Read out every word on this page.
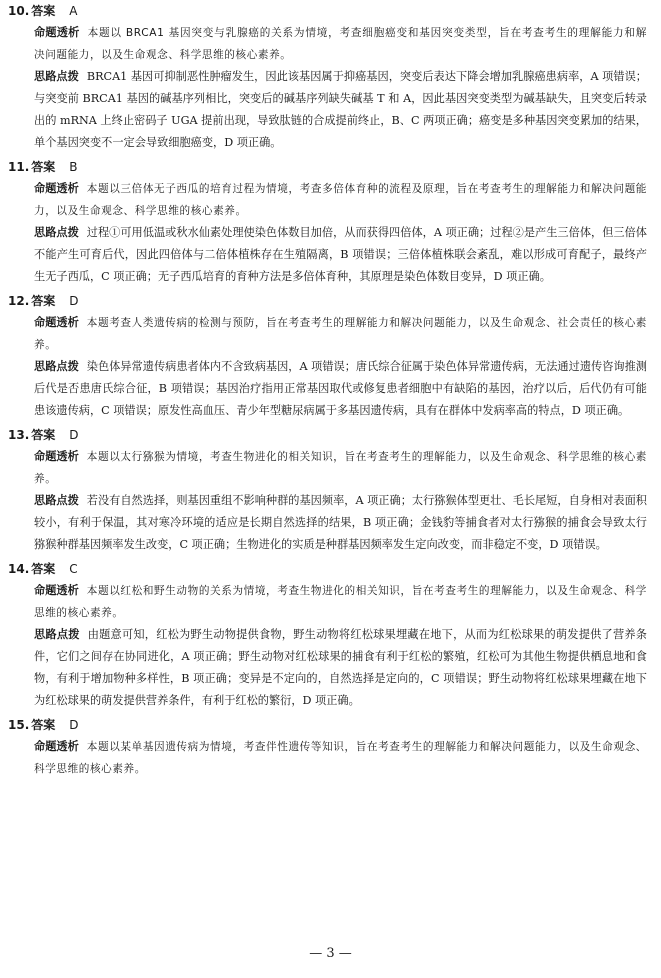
10. 答案 A
命题透析 本题以 BRCA1 基因突变与乳腺癌的关系为情境，考查细胞癌变和基因突变类型，旨在考查考生的理解能力和解决问题能力，以及生命观念、科学思维的核心素养。
思路点拨 BRCA1 基因可抑制恶性肿瘤发生，因此该基因属于抑癌基因，突变后表达下降会增加乳腺癌患病率，A 项错误；与突变前 BRCA1 基因的碱基序列相比，突变后的碱基序列缺失碱基 T 和 A，因此基因突变类型为碱基缺失，且突变后转录出的 mRNA 上终止密码子 UGA 提前出现，导致肽链的合成提前终止，B、C 两项正确；癌变是多种基因突变累加的结果，单个基因突变不一定会导致细胞癌变，D 项正确。
11. 答案 B
命题透析 本题以三倍体无子西瓜的培育过程为情境，考查多倍体育种的流程及原理，旨在考查考生的理解能力和解决问题能力，以及生命观念、科学思维的核心素养。
思路点拨 过程①可用低温或秋水仙素处理使染色体数目加倍，从而获得四倍体，A 项正确；过程②是产生三倍体，但三倍体不能产生可育后代，因此四倍体与二倍体植株存在生殖隔离，B 项错误；三倍体植株联会紊乱，难以形成可育配子，最终产生无子西瓜，C 项正确；无子西瓜培育的育种方法是多倍体育种，其原理是染色体数目变异，D 项正确。
12. 答案 D
命题透析 本题考查人类遗传病的检测与预防，旨在考查考生的理解能力和解决问题能力，以及生命观念、社会责任的核心素养。
思路点拨 染色体异常遗传病患者体内不含致病基因，A 项错误；唐氏综合征属于染色体异常遗传病，无法通过遗传咨询推测后代是否患唐氏综合征，B 项错误；基因治疗指用正常基因取代或修复患者细胞中有缺陷的基因，治疗以后，后代仍有可能患该遗传病，C 项错误；原发性高血压、青少年型糖尿病属于多基因遗传病，具有在群体中发病率高的特点，D 项正确。
13. 答案 D
命题透析 本题以太行猕猴为情境，考查生物进化的相关知识，旨在考查考生的理解能力，以及生命观念、科学思维的核心素养。
思路点拨 若没有自然选择，则基因重组不影响种群的基因频率，A 项正确；太行猕猴体型更壮、毛长尾短，自身相对表面积较小，有利于保温，其对寒冷环境的适应是长期自然选择的结果，B 项正确；金钱豹等捕食者对太行猕猴的捕食会导致太行猕猴种群基因频率发生改变，C 项正确；生物进化的实质是种群基因频率发生定向改变，而非稳定不变，D 项错误。
14. 答案 C
命题透析 本题以红松和野生动物的关系为情境，考查生物进化的相关知识，旨在考查考生的理解能力，以及生命观念、科学思维的核心素养。
思路点拨 由题意可知，红松为野生动物提供食物，野生动物将红松球果埋藏在地下，从而为红松球果的萌发提供了营养条件，它们之间存在协同进化，A 项正确；野生动物对红松球果的捕食有利于红松的繁殖，红松可为其他生物提供栖息地和食物，有利于增加物种多样性，B 项正确；变异是不定向的，自然选择是定向的，C 项错误；野生动物将红松球果埋藏在地下为红松球果的萌发提供营养条件，有利于红松的繁衍，D 项正确。
15. 答案 D
命题透析 本题以某单基因遗传病为情境，考查伴性遗传等知识，旨在考查考生的理解能力和解决问题能力，以及生命观念、科学思维的核心素养。
— 3 —
